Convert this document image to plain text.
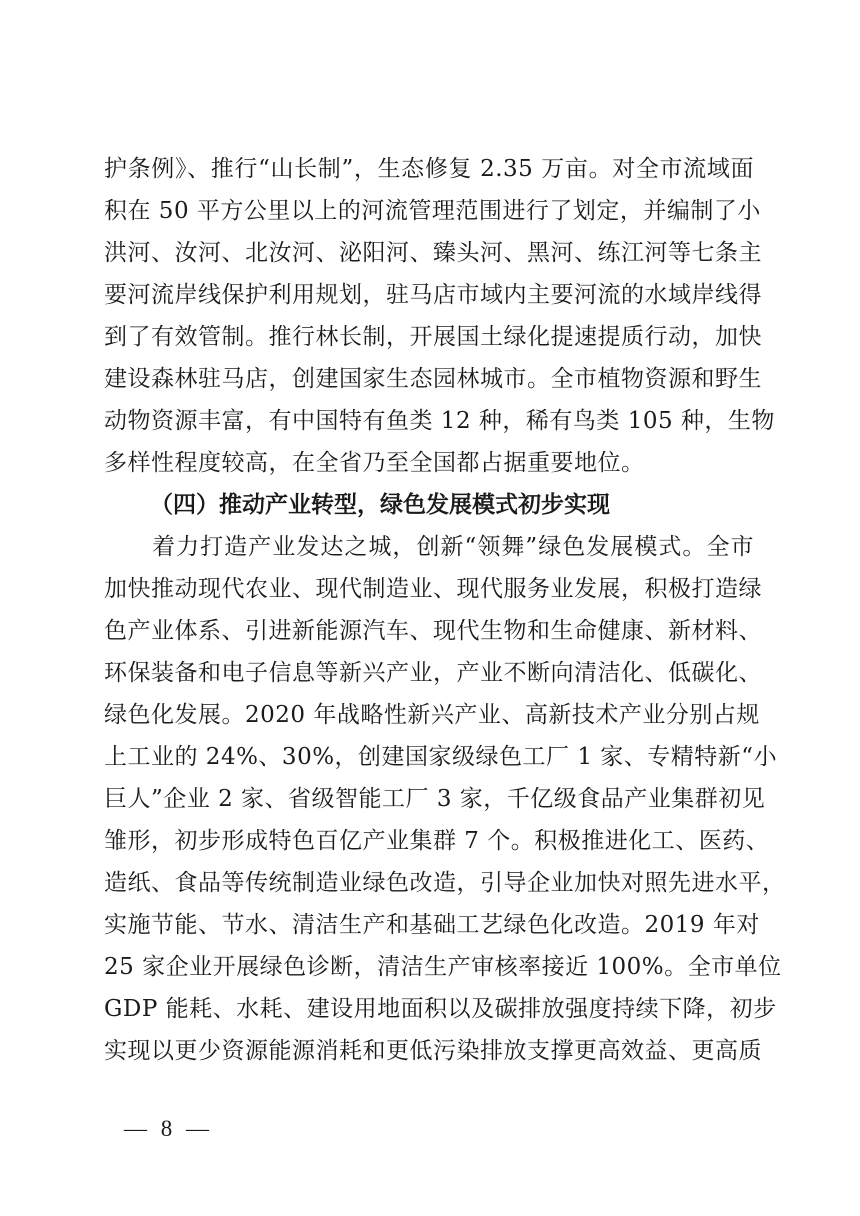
护条例》、推行“山长制”，生态修复 2.35 万亩。对全市流域面
积在 50 平方公里以上的河流管理范围进行了划定，并编制了小
洪河、汝河、北汝河、泌阳河、臻头河、黑河、练江河等七条主
要河流岸线保护利用规划，驻马店市域内主要河流的水域岸线得
到了有效管制。推行林长制，开展国土绿化提速提质行动，加快
建设森林驻马店，创建国家生态园林城市。全市植物资源和野生
动物资源丰富，有中国特有鱼类 12 种，稀有鸟类 105 种，生物
多样性程度较高，在全省乃至全国都占据重要地位。
（四）推动产业转型，绿色发展模式初步实现
　　着力打造产业发达之城，创新“领舞”绿色发展模式。全市
加快推动现代农业、现代制造业、现代服务业发展，积极打造绿
色产业体系、引进新能源汽车、现代生物和生命健康、新材料、
环保装备和电子信息等新兴产业，产业不断向清洁化、低碳化、
绿色化发展。2020 年战略性新兴产业、高新技术产业分别占规
上工业的 24%、30%，创建国家级绿色工厂 1 家、专精特新“小
巨人”企业 2 家、省级智能工厂 3 家，千亿级食品产业集群初见
雏形，初步形成特色百亿产业集群 7 个。积极推进化工、医药、
造纸、食品等传统制造业绿色改造，引导企业加快对照先进水平，
实施节能、节水、清洁生产和基础工艺绿色化改造。2019 年对
25 家企业开展绿色诊断，清洁生产审核率接近 100%。全市单位
GDP 能耗、水耗、建设用地面积以及碳排放强度持续下降，初步
实现以更少资源能源消耗和更低污染排放支撑更高效益、更高质
— 8 —
